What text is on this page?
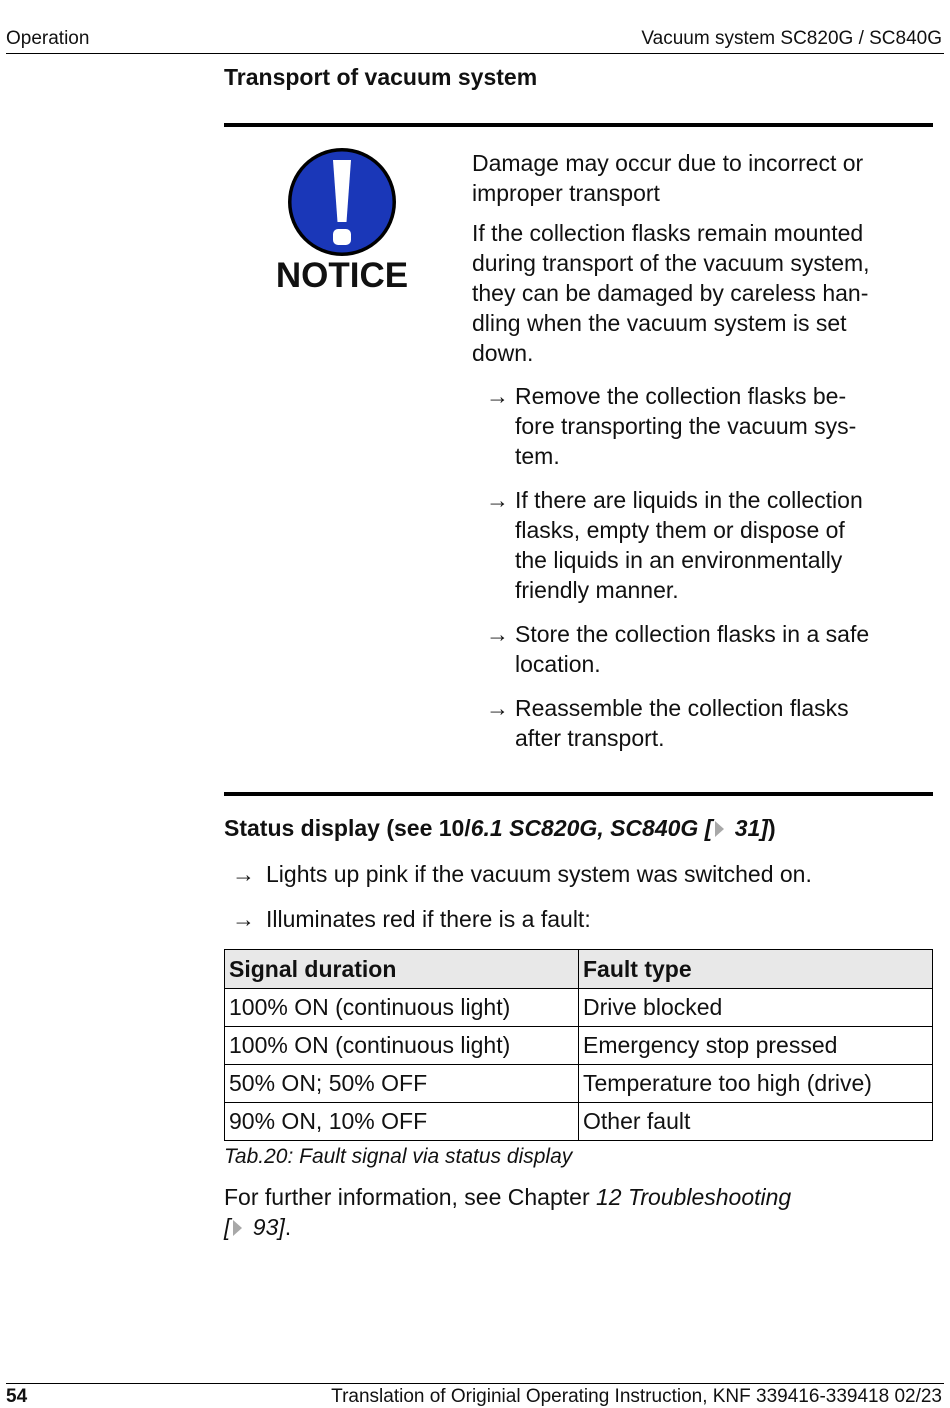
Operation	Vacuum system SC820G / SC840G
Transport of vacuum system
NOTICE
Damage may occur due to incorrect or
improper transport
If the collection flasks remain mounted
during transport of the vacuum system,
they can be damaged by careless han-
dling when the vacuum system is set
down.
→ Remove the collection flasks be-
fore transporting the vacuum sys-
tem.
→ If there are liquids in the collection
flasks, empty them or dispose of
the liquids in an environmentally
friendly manner.
→ Store the collection flasks in a safe
location.
→ Reassemble the collection flasks
after transport.
Status display (see 10/6.1 SC820G, SC840G [ 31])
→ Lights up pink if the vacuum system was switched on.
→ Illuminates red if there is a fault:
Signal duration	Fault type
100% ON (continuous light)	Drive blocked
100% ON (continuous light)	Emergency stop pressed
50% ON; 50% OFF	Temperature too high (drive)
90% ON, 10% OFF	Other fault
Tab.20: Fault signal via status display
For further information, see Chapter 12 Troubleshooting
[ 93].
54	Translation of Originial Operating Instruction, KNF 339416-339418 02/23
